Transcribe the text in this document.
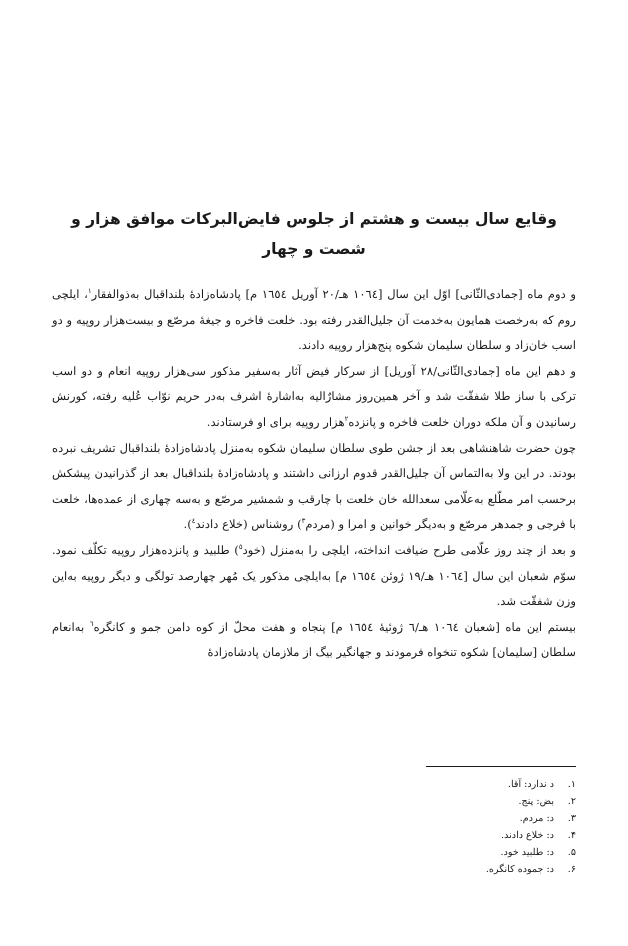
وقایع سال بیست و هشتم از جلوس فایض‌البرکات موافق هزار و شصت و چهار

و دوم ماه [جمادی‌الثّانی] اوّل این سال [۱۰٦٤ هـ/۲۰ آوریل ۱٦٥٤ م] پادشاه‌زادهٔ بلنداقبال به‌ذوالفقار$^١$، ایلچی روم که به‌رخصت همایون به‌خدمت آن جلیل‌القدر رفته بود. خلعت فاخره و جیغهٔ مرصّع و بیست‌هزار روپیه و دو اسب خان‌زاد و سلطان سلیمان شکوه پنج‌هزار روپیه دادند.

و دهم این ماه [جمادی‌الثّانی/۲۸ آوریل] از سرکار فیض آثار به‌سفیر مذکور سی‌هزار روپیه انعام و دو اسب ترکی با ساز طلا شفقّت شد و آخر همین‌روز مشارٌالیه به‌اشارهٔ اشرف به‌در حریم نوّاب عُلیه رفته، کورنش رسانیدن و آن ملکه دوران خلعت فاخره و پانزده$^٢$هزار روپیه برای او فرستادند.

چون حضرت شاهنشاهی بعد از جشن طوی سلطان سلیمان شکوه به‌منزل پادشاه‌زادهٔ بلنداقبال تشریف نبرده بودند. در این ولا به‌التماس آن جلیل‌القدر قدوم ارزانی داشتند و پادشاه‌زادهٔ بلنداقبال بعد از گذرانیدن پیشکش برحسب امر مطّلع به‌علّامی سعدالله خان خلعت با چارقب و شمشیر مرصّع و به‌سه چهاری از عمده‌ها، خلعت با فرجی و جمدهر مرصّع و به‌دیگر خوانین و امرا و (مردم$^٣$) روشناس (خلاع دادند$^٤$).

و بعد از چند روز علّامی طرح ضیافت انداخته، ایلچی را به‌منزل (خود$^٥$) طلبید و پانزده‌هزار روپیه تکلّف نمود. سوّم شعبان این سال [۱۰٦٤ هـ/۱۹ ژوئن ۱٦٥٤ م] به‌ایلچی مذکور یک مُهر چهارصد تولگی و دیگر روپیه به‌این وزن شفقّت شد.

بیستم این ماه [شعبان ۱۰٦٤ هـ/٦ ژوئیهٔ ۱٦٥٤ م] پنجاه و هفت محلّ از کوه دامن جمو و کانگره$^٦$ به‌انعام سلطان [سلیمان] شکوه تنخواه فرمودند و جهانگیر بیگ از ملازمان پادشاه‌زادهٔ

۱.
د ندارد: آقا.
۲.
بض: پنج.
۳.
د: مردم.
۴.
د: خلاع دادند.
۵.
د: طلبید خود.
۶.
د: جموده کانگره.
